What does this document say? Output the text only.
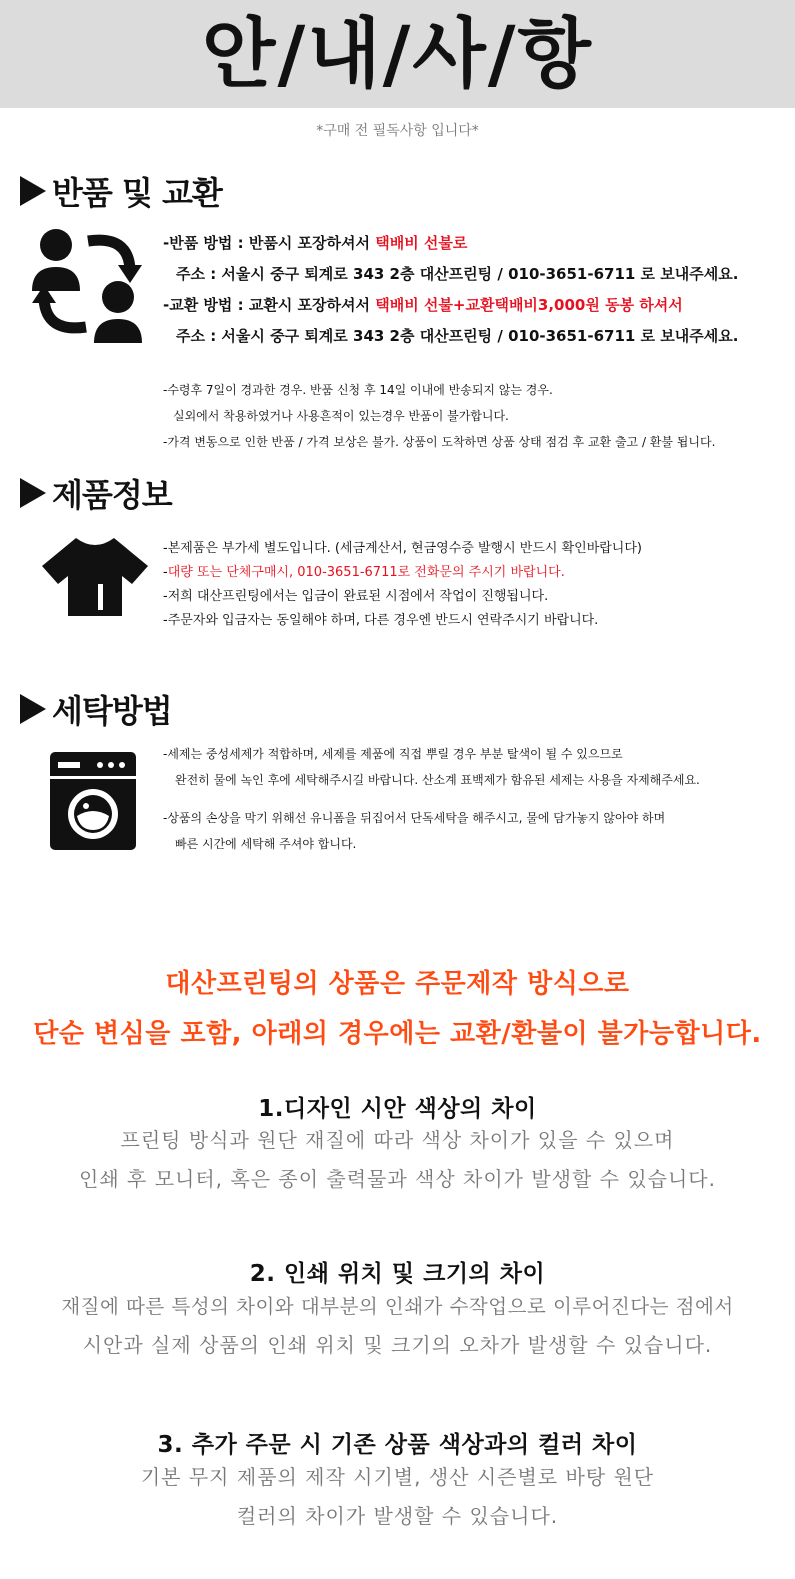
안/내/사/항

*구매 전 필독사항 입니다*

반품 및 교환

-반품 방법 : 반품시 포장하셔서 택배비 선불로

주소 : 서울시 중구 퇴계로 343 2층 대산프린팅 / 010-3651-6711 로 보내주세요.

-교환 방법 : 교환시 포장하셔서 택배비 선불+교환택배비3,000원 동봉 하셔서

주소 : 서울시 중구 퇴계로 343 2층 대산프린팅 / 010-3651-6711 로 보내주세요.

-수령후 7일이 경과한 경우. 반품 신청 후 14일 이내에 반송되지 않는 경우.

실외에서 착용하였거나 사용흔적이 있는경우 반품이 불가합니다.

-가격 변동으로 인한 반품 / 가격 보상은 불가. 상품이 도착하면 상품 상태 점검 후 교환 출고 / 환불 됩니다.

제품정보

-본제품은 부가세 별도입니다. (세금계산서, 현금영수증 발행시 반드시 확인바랍니다)

-대량 또는 단체구매시, 010-3651-6711로 전화문의 주시기 바랍니다.

-저희 대산프린팅에서는 입금이 완료된 시점에서 작업이 진행됩니다.

-주문자와 입금자는 동일해야 하며, 다른 경우엔 반드시 연락주시기 바랍니다.

세탁방법

-세제는 중성세제가 적합하며, 세제를 제품에 직접 뿌릴 경우 부분 탈색이 될 수 있으므로

완전히 물에 녹인 후에 세탁해주시길 바랍니다. 산소계 표백제가 함유된 세제는 사용을 자제해주세요.

-상품의 손상을 막기 위해선 유니폼을 뒤집어서 단독세탁을 해주시고, 물에 담가놓지 않아야 하며

빠른 시간에 세탁해 주셔야 합니다.

대산프린팅의 상품은 주문제작 방식으로

단순 변심을 포함, 아래의 경우에는 교환/환불이 불가능합니다.

1.디자인 시안 색상의 차이

프린팅 방식과 원단 재질에 따라 색상 차이가 있을 수 있으며

인쇄 후 모니터, 혹은 종이 출력물과 색상 차이가 발생할 수 있습니다.

2. 인쇄 위치 및 크기의 차이

재질에 따른 특성의 차이와 대부분의 인쇄가 수작업으로 이루어진다는 점에서

시안과 실제 상품의 인쇄 위치 및 크기의 오차가 발생할 수 있습니다.

3. 추가 주문 시 기존 상품 색상과의 컬러 차이

기본 무지 제품의 제작 시기별, 생산 시즌별로 바탕 원단

컬러의 차이가 발생할 수 있습니다.
